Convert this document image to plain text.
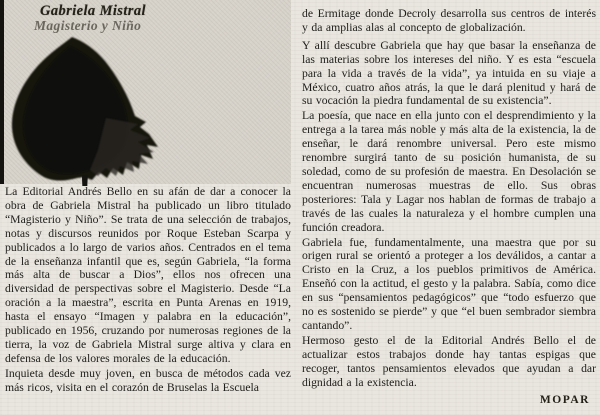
Gabriela Mistral
Magisterio y Niño

La Editorial Andrés Bello en su afán de dar a conocer la obra de Gabriela Mistral ha publicado un libro titulado “Magisterio y Niño”. Se trata de una selección de trabajos, notas y discursos reunidos por Roque Esteban Scarpa y publicados a lo largo de varios años. Centrados en el tema de la enseñanza infantil que es, según Gabriela, “la forma más alta de buscar a Dios”, ellos nos ofrecen una diversidad de perspectivas sobre el Magisterio. Desde “La oración a la maestra”, escrita en Punta Arenas en 1919, hasta el ensayo “Imagen y palabra en la educación”, publicado en 1956, cruzando por numerosas regiones de la tierra, la voz de Gabriela Mistral surge altiva y clara en defensa de los valores morales de la educación.

Inquieta desde muy joven, en busca de métodos cada vez más ricos, visita en el corazón de Bruselas la Escuela

de Ermitage donde Decroly desarrolla sus centros de interés y da amplias alas al concepto de globalización.

Y allí descubre Gabriela que hay que basar la enseñanza de las materias sobre los intereses del niño. Y es esta “escuela para la vida a través de la vida”, ya intuida en su viaje a México, cuatro años atrás, la que le dará plenitud y hará de su vocación la piedra fundamental de su existencia”.

La poesía, que nace en ella junto con el desprendimiento y la entrega a la tarea más noble y más alta de la existencia, la de enseñar, le dará renombre universal. Pero este mismo renombre surgirá tanto de su posición humanista, de su soledad, como de su profesión de maestra. En Desolación se encuentran numerosas muestras de ello. Sus obras posteriores: Tala y Lagar nos hablan de formas de trabajo a través de las cuales la naturaleza y el hombre cumplen una función creadora.

Gabriela fue, fundamentalmente, una maestra que por su origen rural se orientó a proteger a los deválidos, a cantar a Cristo en la Cruz, a los pueblos primitivos de América. Enseñó con la actitud, el gesto y la palabra. Sabía, como dice en sus “pensamientos pedagógicos” que “todo esfuerzo que no es sostenido se pierde” y que “el buen sembrador siembra cantando”.

Hermoso gesto el de la Editorial Andrés Bello el de actualizar estos trabajos donde hay tantas espigas que recoger, tantos pensamientos elevados que ayudan a dar dignidad a la existencia.

MOPAR
